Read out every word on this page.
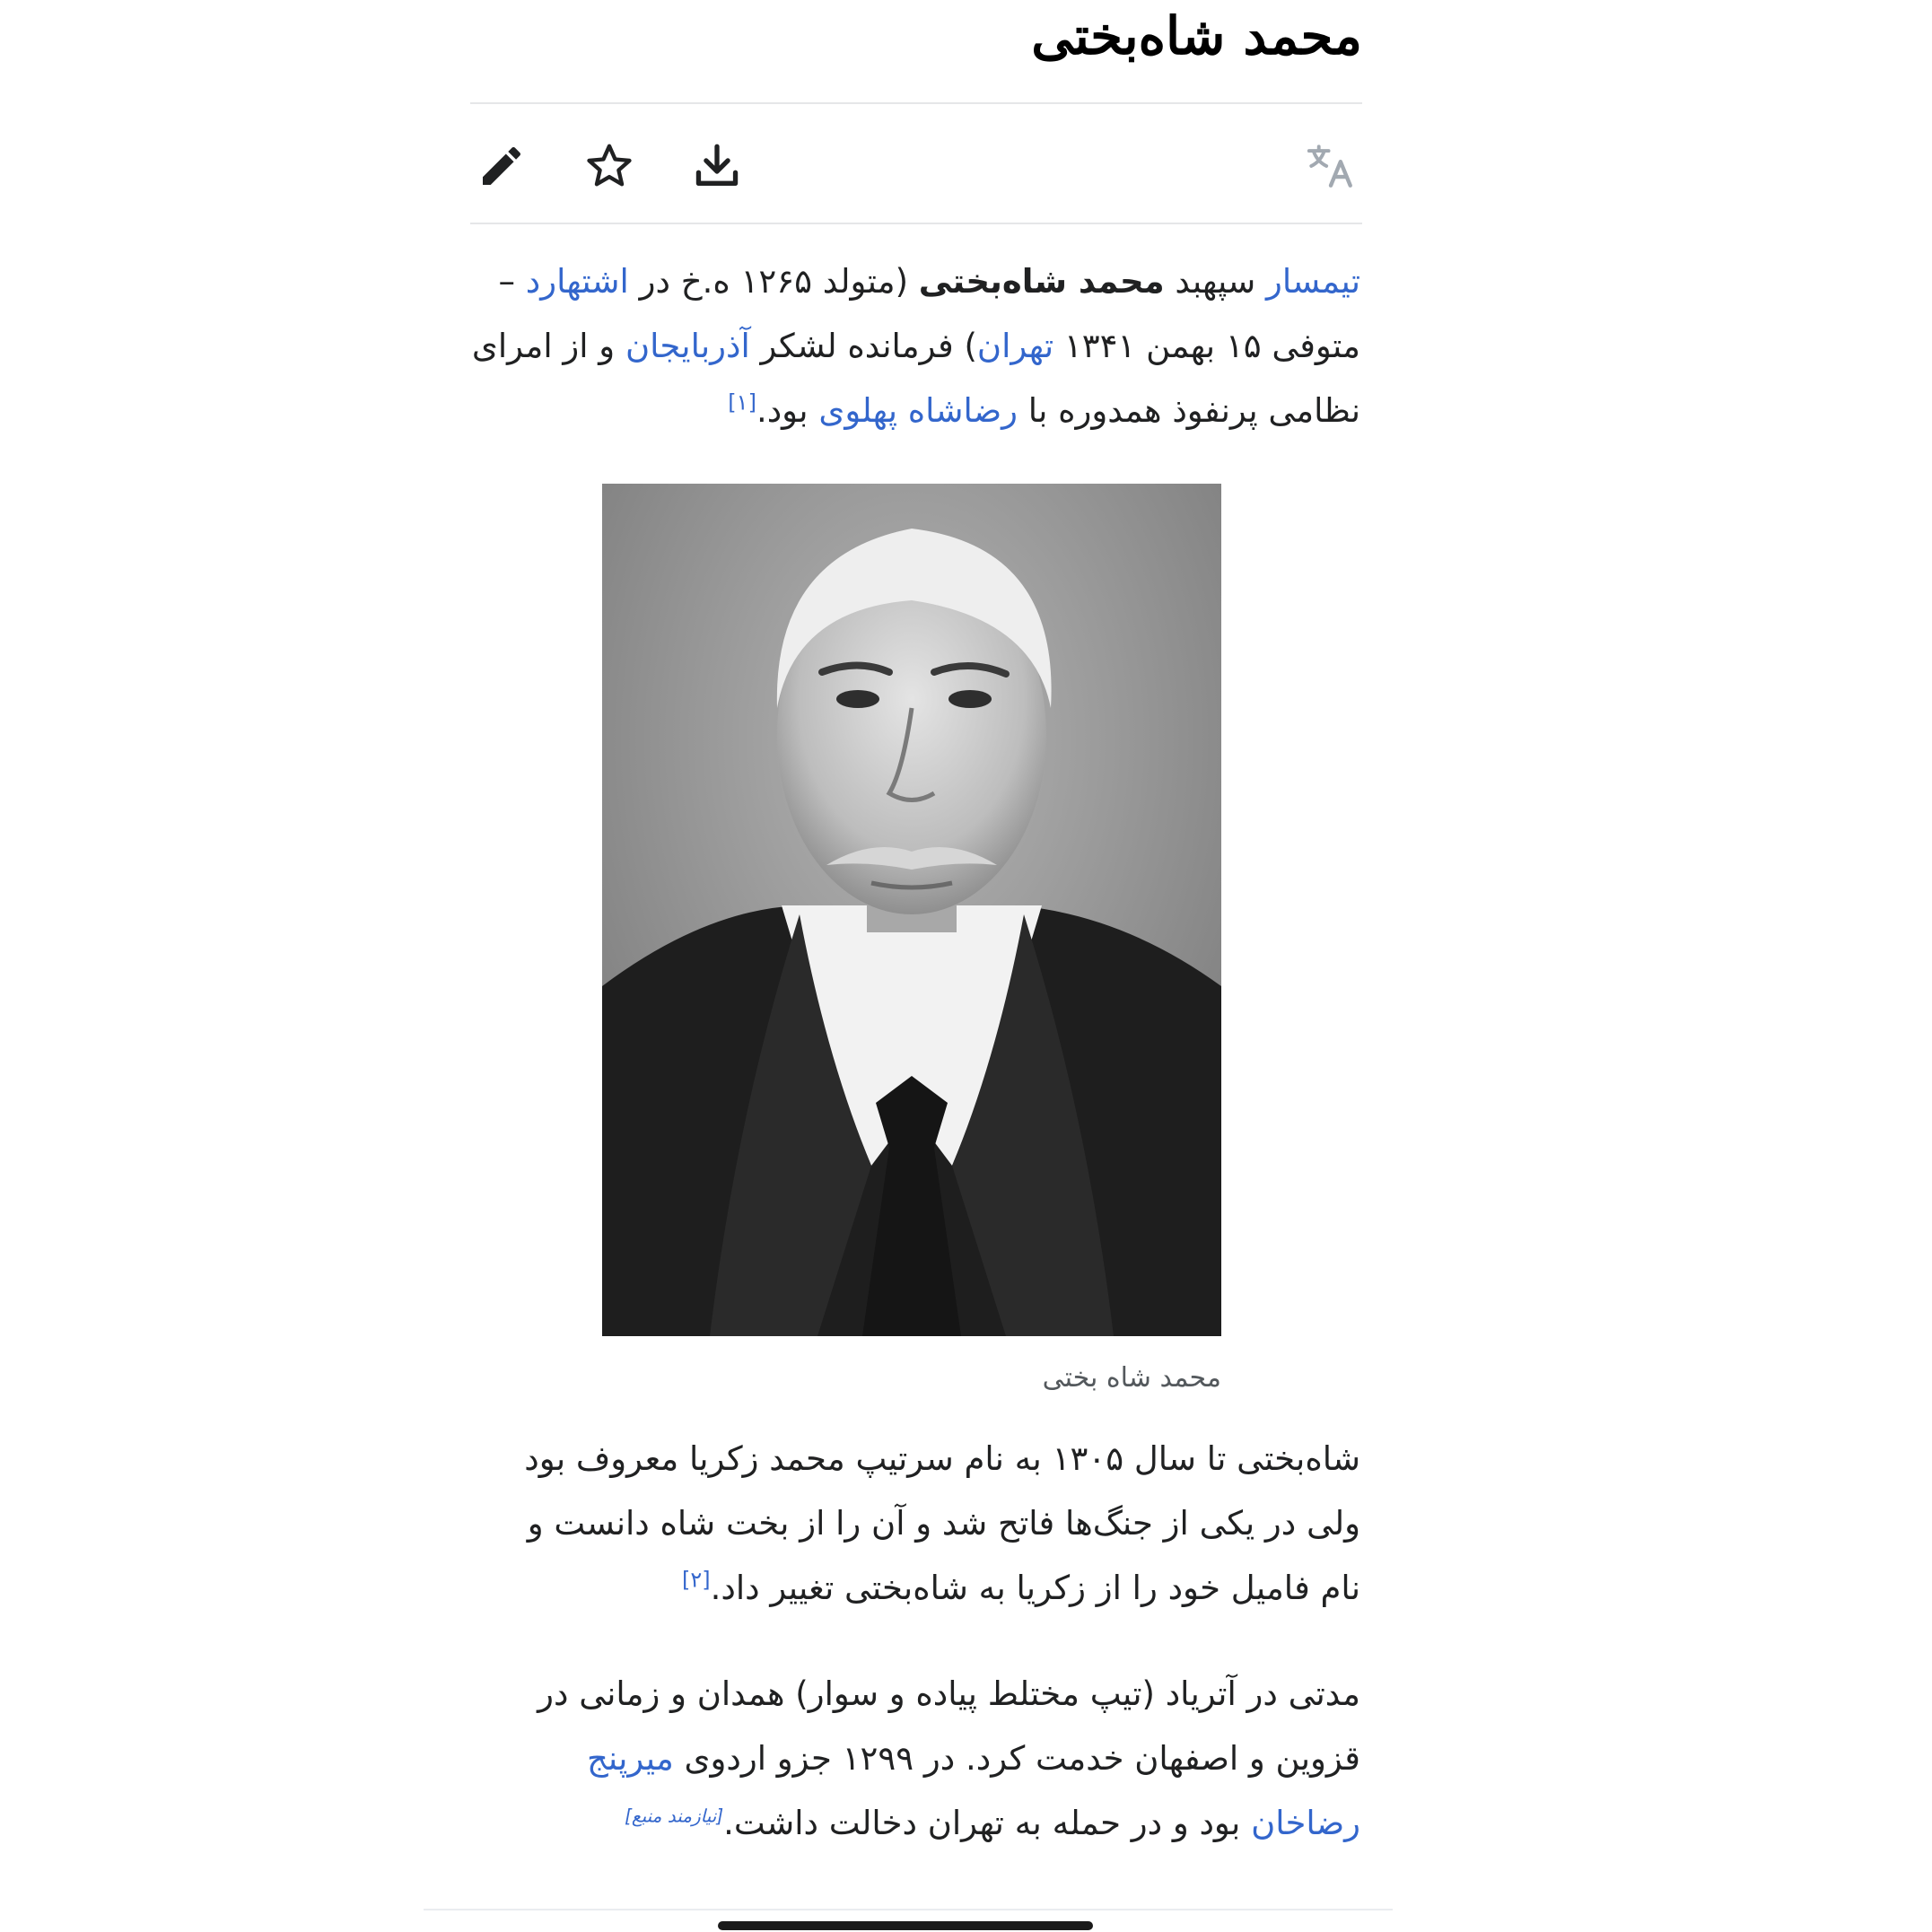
محمد شاه‌بختی

تیمسار سپهبد محمد شاه‌بختی (متولد ۱۲۶۵ ه.خ در اشتهارد –
متوفی ۱۵ بهمن ۱۳۴۱ تهران) فرمانده لشکر آذربایجان و از امرای
نظامی پرنفوذ همدوره با رضاشاه پهلوی بود.[۱]

محمد شاه بختی

شاه‌بختی تا سال ۱۳۰۵ به نام سرتیپ محمد زکریا معروف بود
ولی در یکی از جنگ‌ها فاتح شد و آن را از بخت شاه دانست و
نام فامیل خود را از زکریا به شاه‌بختی تغییر داد.[۲]

مدتی در آتریاد (تیپ مختلط پیاده و سوار) همدان و زمانی در
قزوین و اصفهان خدمت کرد. در ۱۲۹۹ جزو اردوی میرپنج
رضاخان بود و در حمله به تهران دخالت داشت.[نیازمند منبع]
